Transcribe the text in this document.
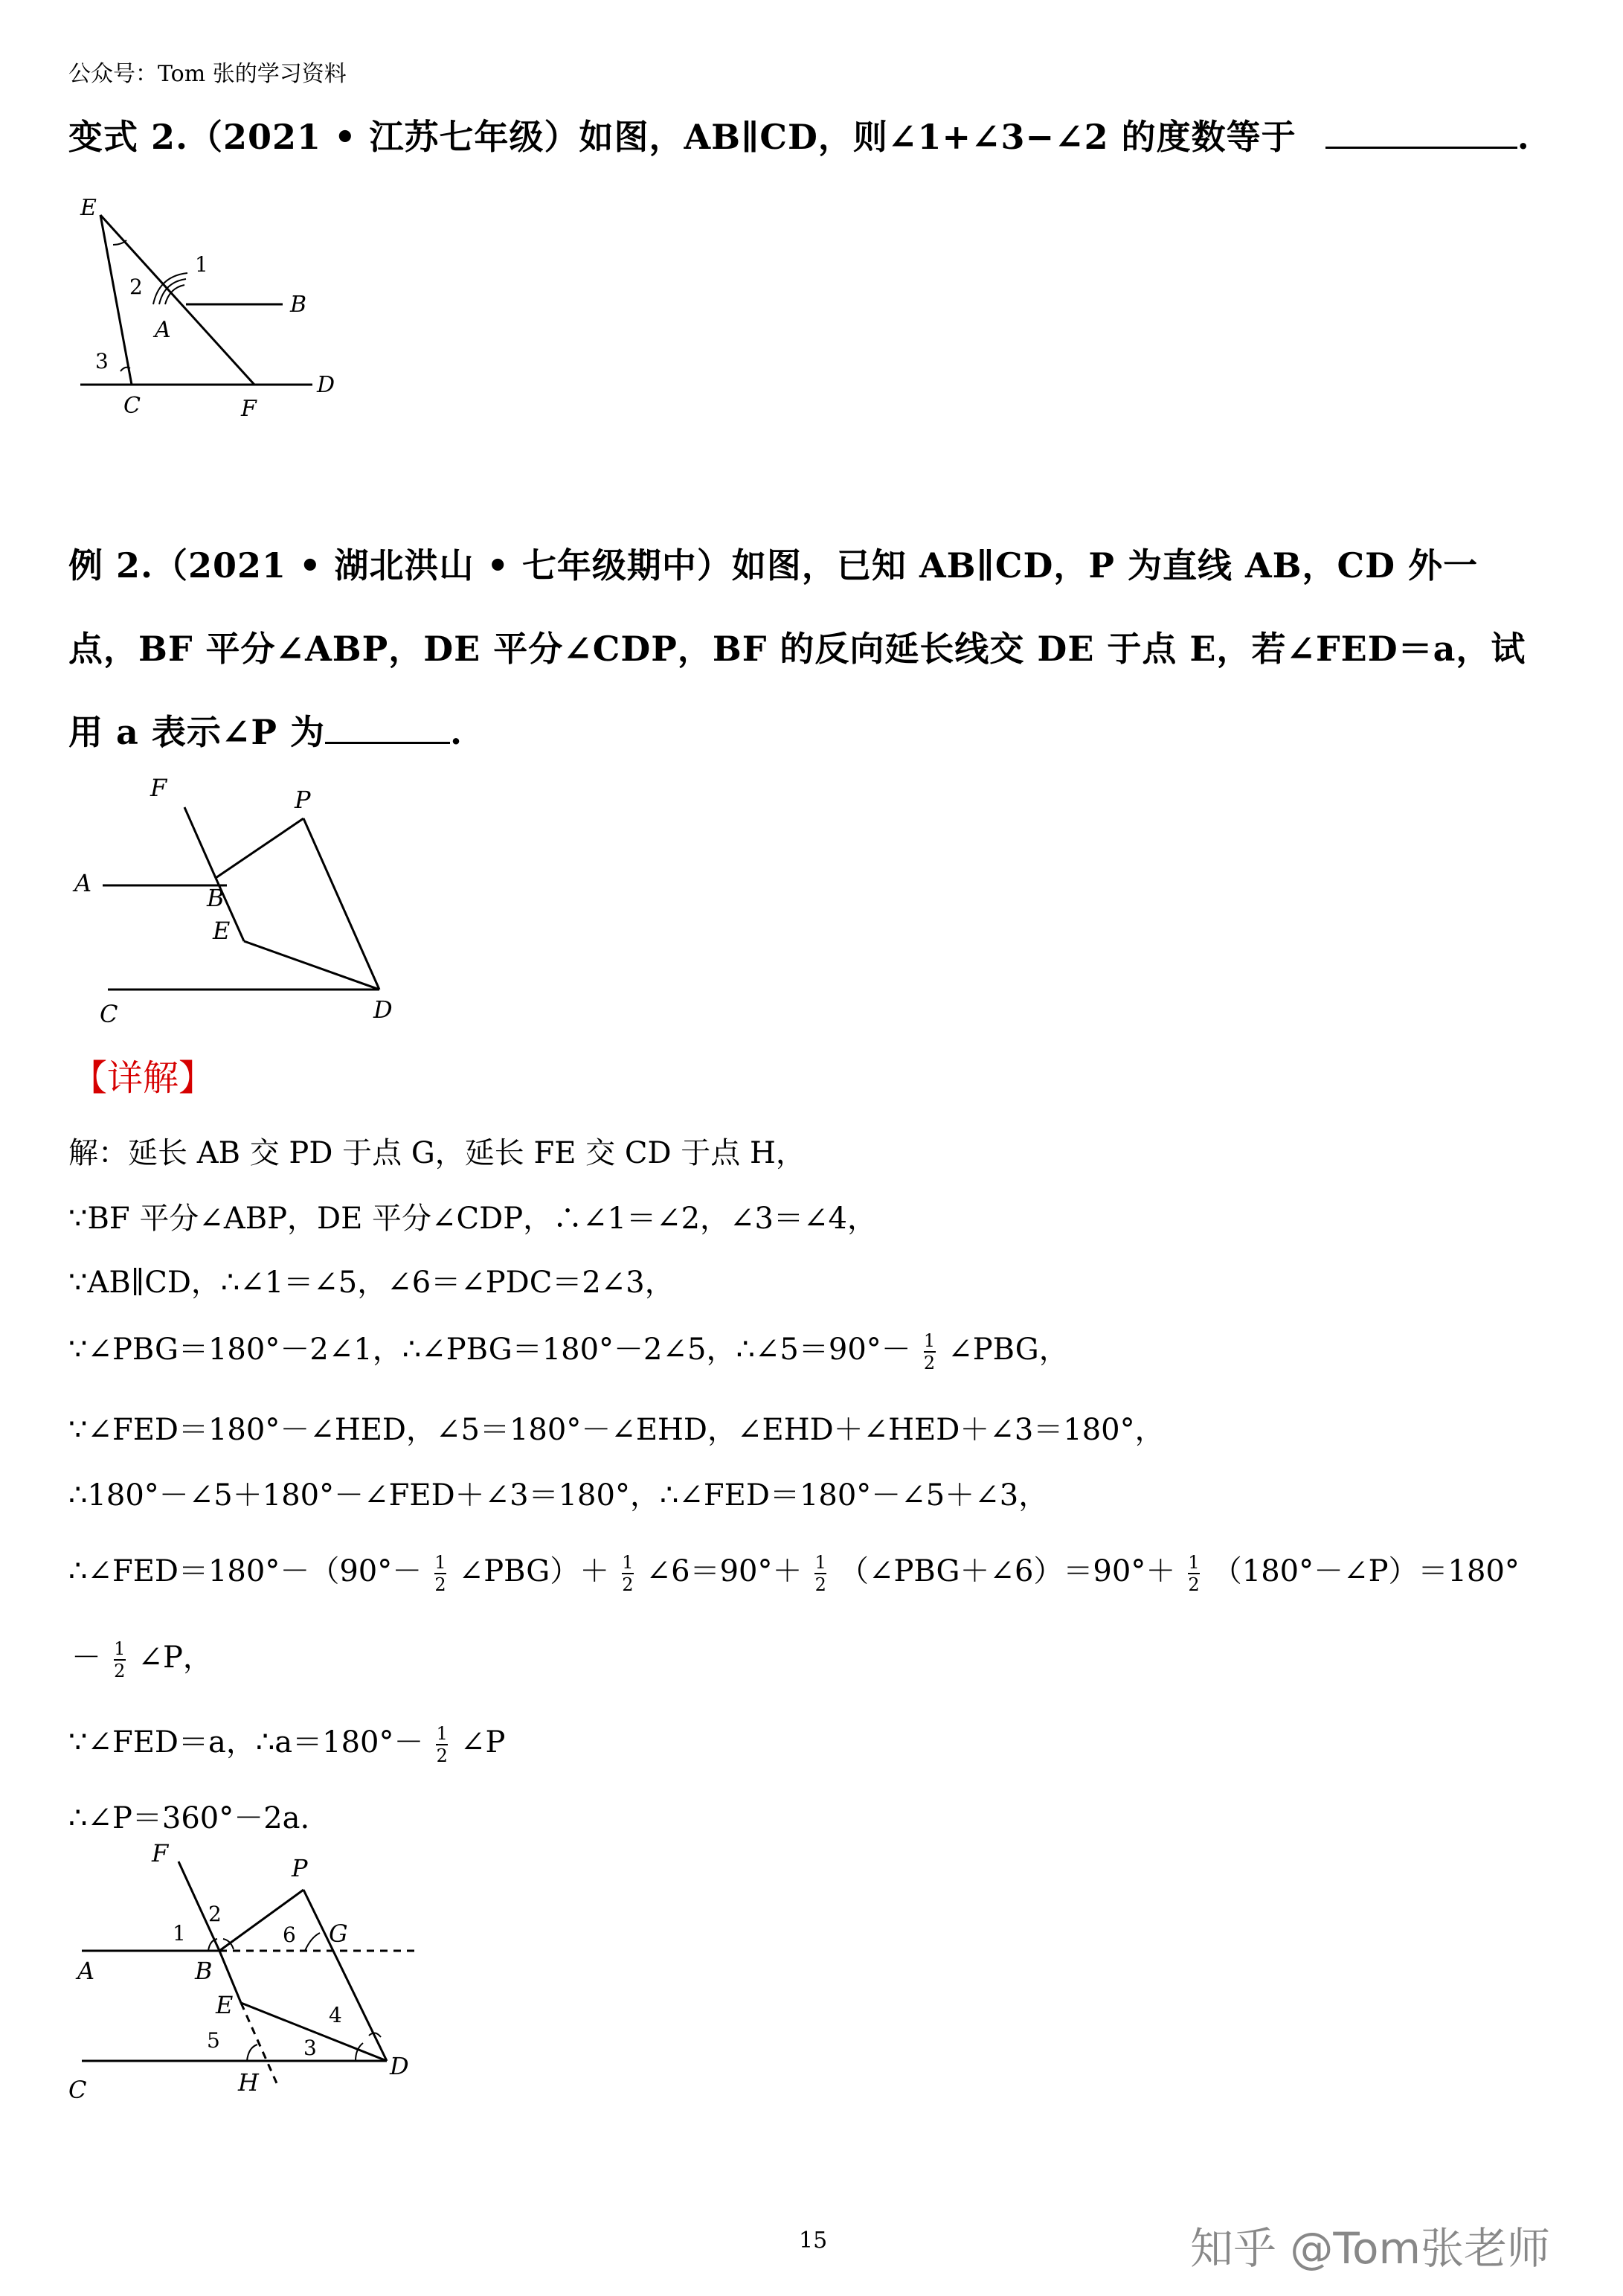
公众号：Tom 张的学习资料
变式 2.（2021 • 江苏七年级）如图，AB∥CD，则∠1+∠3−∠2 的度数等于	.
E
1
2
B
A
3
C	F
D
例 2.（2021 • 湖北洪山 • 七年级期中）如图，已知 AB∥CD，P 为直线 AB，CD 外一
点，BF 平分∠ABP，DE 平分∠CDP，BF 的反向延长线交 DE 于点 E，若∠FED＝a，试
用 a 表示∠P 为	.
F	P
A
B
E
C	D
【详解】
解：延长 AB 交 PD 于点 G，延长 FE 交 CD 于点 H，
∵BF 平分∠ABP，DE 平分∠CDP，∴∠1＝∠2，∠3＝∠4，
∵AB∥CD，∴∠1＝∠5，∠6＝∠PDC＝2∠3，
∵∠PBG＝180°－2∠1，∴∠PBG＝180°－2∠5，∴∠5＝90°－ $\frac{1}{2}$ ∠PBG，
∵∠FED＝180°－∠HED，∠5＝180°－∠EHD，∠EHD＋∠HED＋∠3＝180°，
∴180°－∠5＋180°－∠FED＋∠3＝180°，∴∠FED＝180°－∠5＋∠3，
∴∠FED＝180°－（90°－ $\frac{1}{2}$ ∠PBG）＋ $\frac{1}{2}$ ∠6＝90°＋ $\frac{1}{2}$ （∠PBG＋∠6）＝90°＋ $\frac{1}{2}$ （180°－∠P）＝180°
－ $\frac{1}{2}$ ∠P，
∵∠FED＝a，∴a＝180°－ $\frac{1}{2}$ ∠P
∴∠P＝360°－2a.
F
P
2
1	6 G
A	B
E	4
5	3
C	H
D
15	知乎 @Tom张老师
